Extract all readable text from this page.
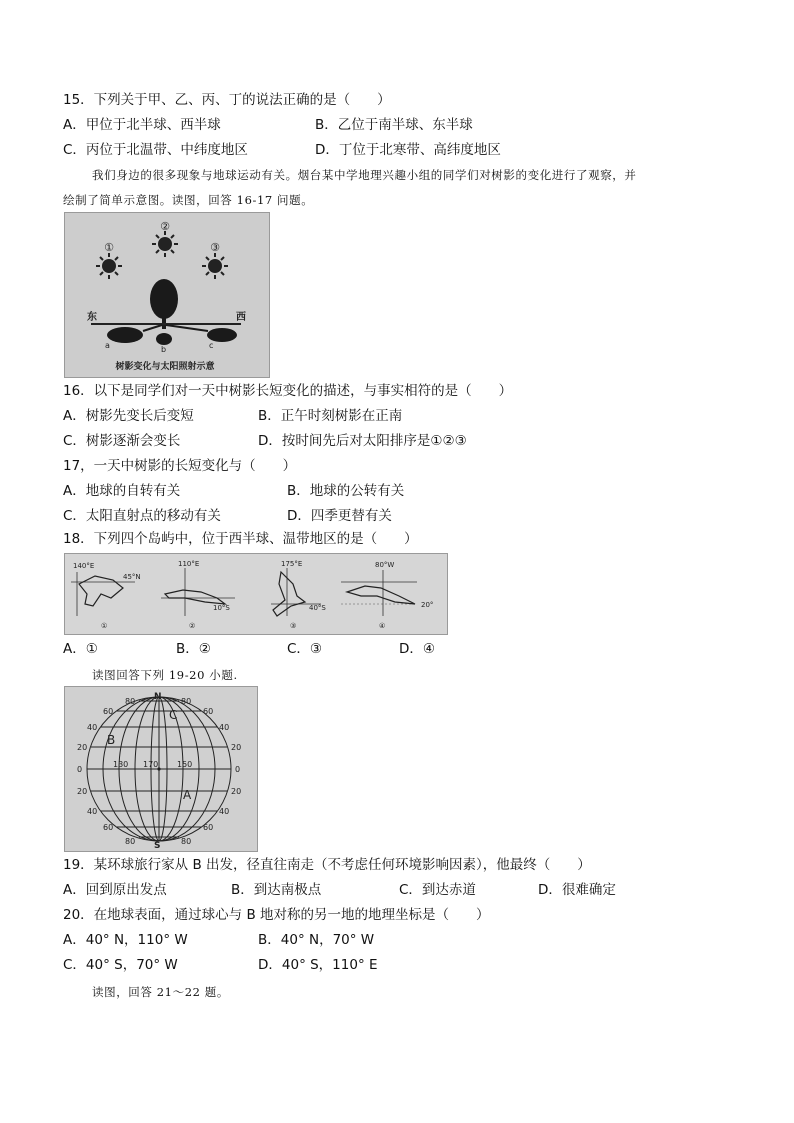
15．下列关于甲、乙、丙、丁的说法正确的是（　　）
A．甲位于北半球、西半球	B．乙位于南半球、东半球
C．丙位于北温带、中纬度地区	D．丁位于北寒带、高纬度地区
我们身边的很多现象与地球运动有关。烟台某中学地理兴趣小组的同学们对树影的变化进行了观察，并
绘制了简单示意图。读图，回答 16-17 问题。
①
②
③
东	西
a	b	c
树影变化与太阳照射示意
16．以下是同学们对一天中树影长短变化的描述，与事实相符的是（　　）
A．树影先变长后变短	B．正午时刻树影在正南
C．树影逐渐会变长	D．按时间先后对太阳排序是①②③
17，一天中树影的长短变化与（　　）
A．地球的自转有关	B．地球的公转有关
C．太阳直射点的移动有关	D．四季更替有关
18．下列四个岛屿中，位于西半球、温带地区的是（　　）
140°E
45°N
①
110°E
10°S
②
175°E
40°S
③
80°W
20°
④
A．①	B．②	C．③	D．④
读图回答下列 19-20 小题.
80
60
40
20
0
20
40
60
80
80
60
40
20
0
20
40
60
80
N
S
130 170 150
B
C
A
19．某环球旅行家从 B 出发，径直往南走（不考虑任何环境影响因素），他最终（　　）
A．回到原出发点	B．到达南极点	C．到达赤道	D．很难确定
20．在地球表面，通过球心与 B 地对称的另一地的地理坐标是（　　）
A．40° N，110° W	B．40° N，70° W
C．40° S，70° W	D．40° S，110° E
读图，回答 21～22 题。
